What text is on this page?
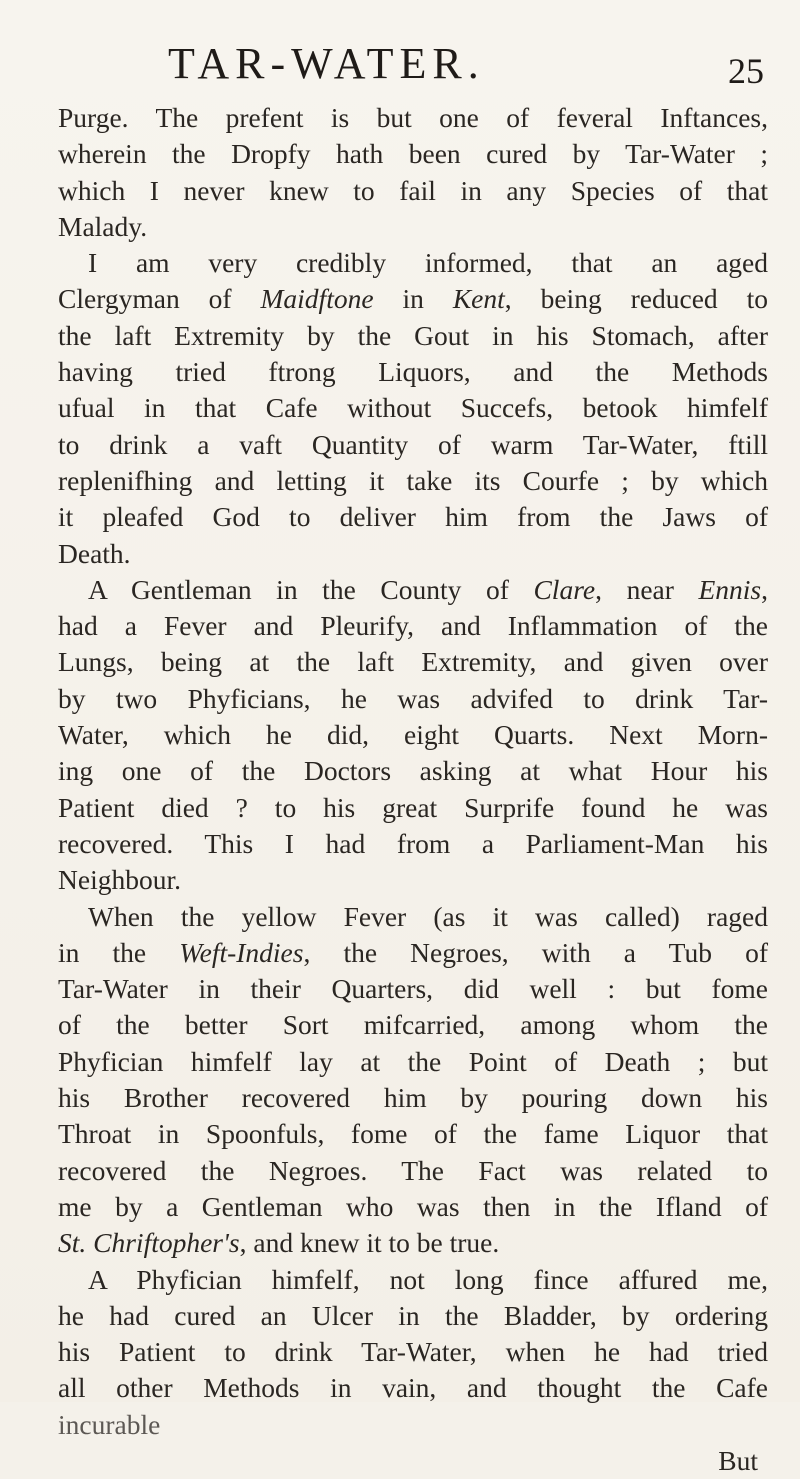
TAR-WATER.	25
Purge. The prefent is but one of feveral Inftances,
wherein the Dropfy hath been cured by Tar-Water ;
which I never knew to fail in any Species of that
Malady.
I am very credibly informed, that an aged
Clergyman of Maidftone in Kent, being reduced to
the laft Extremity by the Gout in his Stomach, after
having tried ftrong Liquors, and the Methods
ufual in that Cafe without Succefs, betook himfelf
to drink a vaft Quantity of warm Tar-Water, ftill
replenifhing and letting it take its Courfe ; by which
it pleafed God to deliver him from the Jaws of
Death.
A Gentleman in the County of Clare, near Ennis,
had a Fever and Pleurify, and Inflammation of the
Lungs, being at the laft Extremity, and given over
by two Phyficians, he was advifed to drink Tar-
Water, which he did, eight Quarts. Next Morn-
ing one of the Doctors asking at what Hour his
Patient died ? to his great Surprife found he was
recovered. This I had from a Parliament-Man his
Neighbour.
When the yellow Fever (as it was called) raged
in the Weft-Indies, the Negroes, with a Tub of
Tar-Water in their Quarters, did well : but fome
of the better Sort mifcarried, among whom the
Phyfician himfelf lay at the Point of Death ; but
his Brother recovered him by pouring down his
Throat in Spoonfuls, fome of the fame Liquor that
recovered the Negroes. The Fact was related to
me by a Gentleman who was then in the Ifland of
St. Chriftopher's, and knew it to be true.
A Phyfician himfelf, not long fince affured me,
he had cured an Ulcer in the Bladder, by ordering
his Patient to drink Tar-Water, when he had tried
all other Methods in vain, and thought the Cafe
incurable
But
